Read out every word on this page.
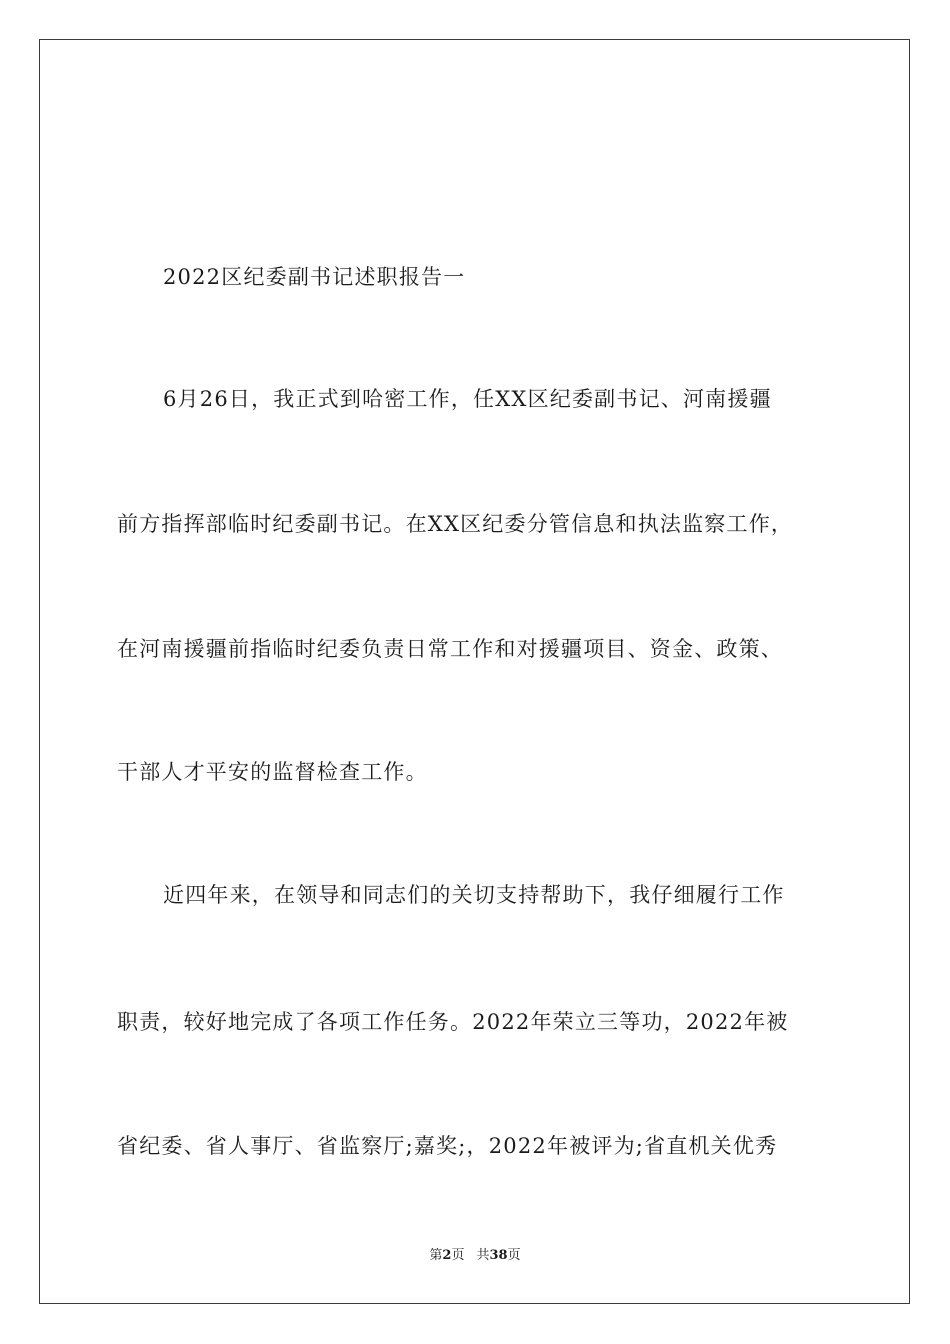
2022区纪委副书记述职报告一
6月26日，我正式到哈密工作，任XX区纪委副书记、河南援疆
前方指挥部临时纪委副书记。在XX区纪委分管信息和执法监察工作，
在河南援疆前指临时纪委负责日常工作和对援疆项目、资金、政策、
干部人才平安的监督检查工作。
近四年来，在领导和同志们的关切支持帮助下，我仔细履行工作
职责，较好地完成了各项工作任务。2022年荣立三等功，2022年被
省纪委、省人事厅、省监察厅;嘉奖;，2022年被评为;省直机关优秀
第2页 共38页
